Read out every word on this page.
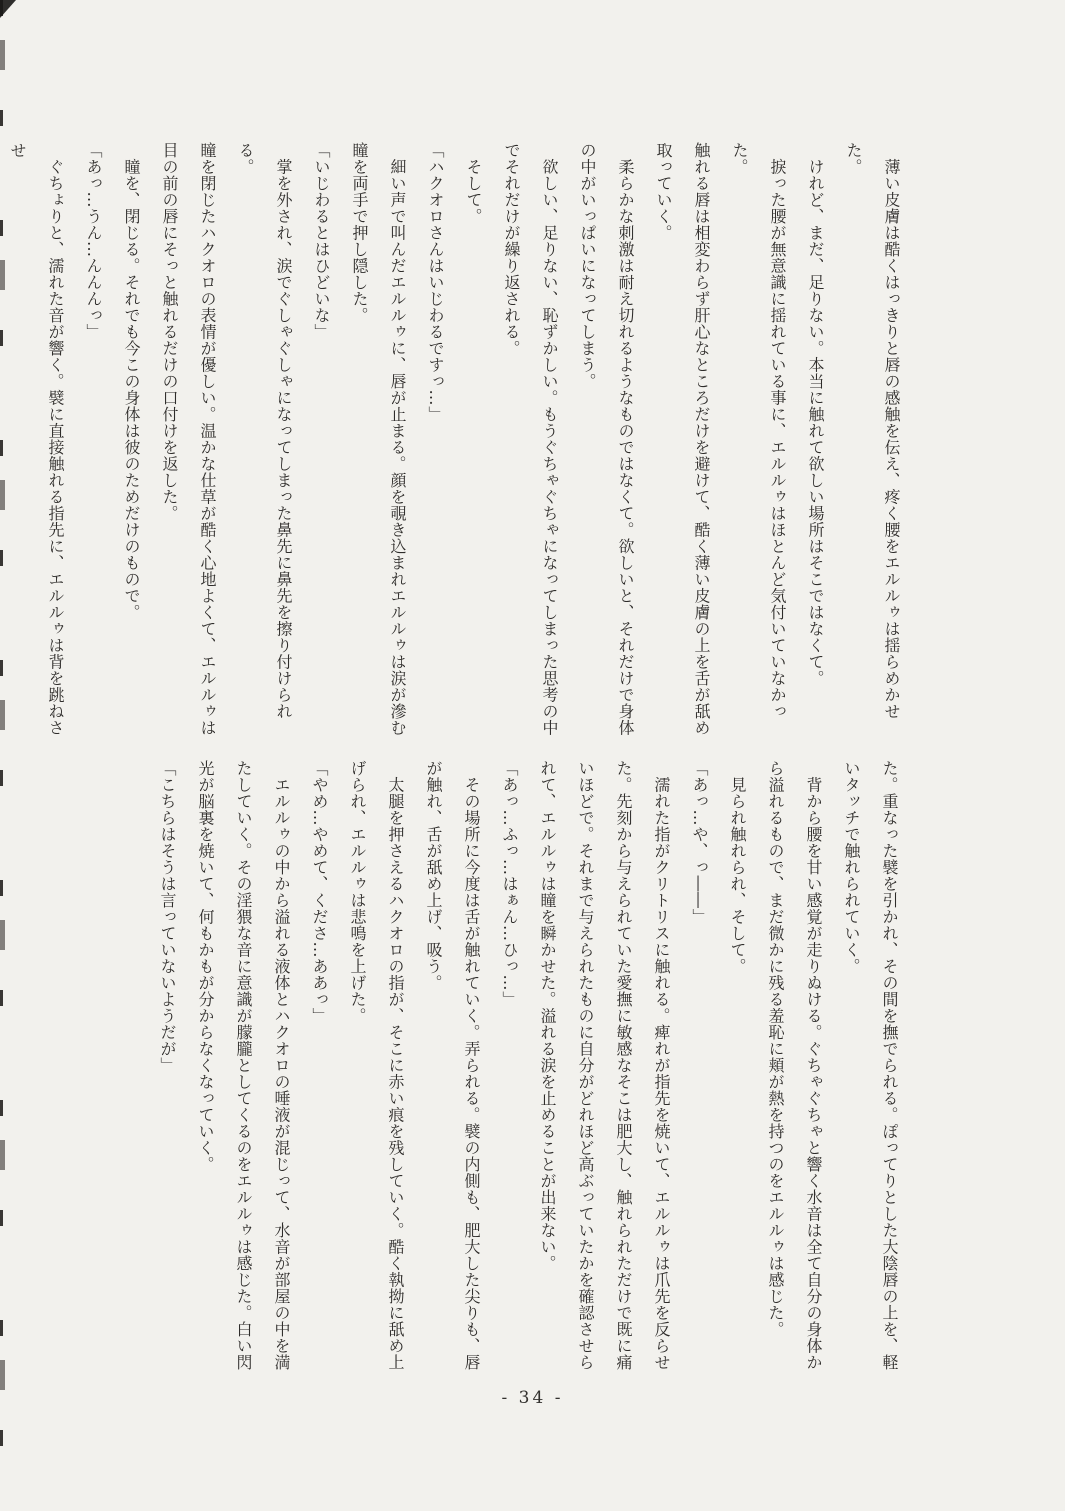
　薄い皮膚は酷くはっきりと唇の感触を伝え、疼く腰をエルルゥは揺らめかせた。

　けれど、まだ、足りない。本当に触れて欲しい場所はそこではなくて。

　捩った腰が無意識に揺れている事に、エルルゥはほとんど気付いていなかった。

触れる唇は相変わらず肝心なところだけを避けて、酷く薄い皮膚の上を舌が舐め取っていく。

　柔らかな刺激は耐え切れるようなものではなくて。欲しいと、それだけで身体の中がいっぱいになってしまう。

　欲しい、足りない、恥ずかしい。もうぐちゃぐちゃになってしまった思考の中でそれだけが繰り返される。

　そして。

「ハクオロさんはいじわるですっ…」

　細い声で叫んだエルルゥに、唇が止まる。顔を覗き込まれエルルゥは涙が滲む瞳を両手で押し隠した。

「いじわるとはひどいな」

　掌を外され、涙でぐしゃぐしゃになってしまった鼻先に鼻先を擦り付けられる。

瞳を閉じたハクオロの表情が優しい。温かな仕草が酷く心地よくて、エルルゥは目の前の唇にそっと触れるだけの口付けを返した。

　瞳を、閉じる。それでも今この身体は彼のためだけのもので。

「あっ…うん…んんんっ」

　ぐちょりと、濡れた音が響く。襞に直接触れる指先に、エルルゥは背を跳ねさせ

た。重なった襞を引かれ、その間を撫でられる。ぽってりとした大陰唇の上を、軽いタッチで触れられていく。

　背から腰を甘い感覚が走りぬける。ぐちゃぐちゃと響く水音は全て自分の身体から溢れるもので、まだ微かに残る羞恥に頬が熱を持つのをエルルゥは感じた。

　見られ触れられ、そして。

「あっ…や、っ――」

　濡れた指がクリトリスに触れる。痺れが指先を焼いて、エルルゥは爪先を反らせた。先刻から与えられていた愛撫に敏感なそこは肥大し、触れられただけで既に痛いほどで。それまで与えられたものに自分がどれほど高ぶっていたかを確認させられて、エルルゥは瞳を瞬かせた。溢れる涙を止めることが出来ない。

「あっ…ふっ…はぁん…ひっ…」

　その場所に今度は舌が触れていく。弄られる。襞の内側も、肥大した尖りも、唇が触れ、舌が舐め上げ、吸う。

　太腿を押さえるハクオロの指が、そこに赤い痕を残していく。酷く執拗に舐め上げられ、エルルゥは悲鳴を上げた。

「やめ…やめて、くださ…ああっ」

　エルルゥの中から溢れる液体とハクオロの唾液が混じって、水音が部屋の中を満たしていく。その淫猥な音に意識が朦朧としてくるのをエルルゥは感じた。白い閃光が脳裏を焼いて、何もかもが分からなくなっていく。

「こちらはそうは言っていないようだが」

- 34 -
